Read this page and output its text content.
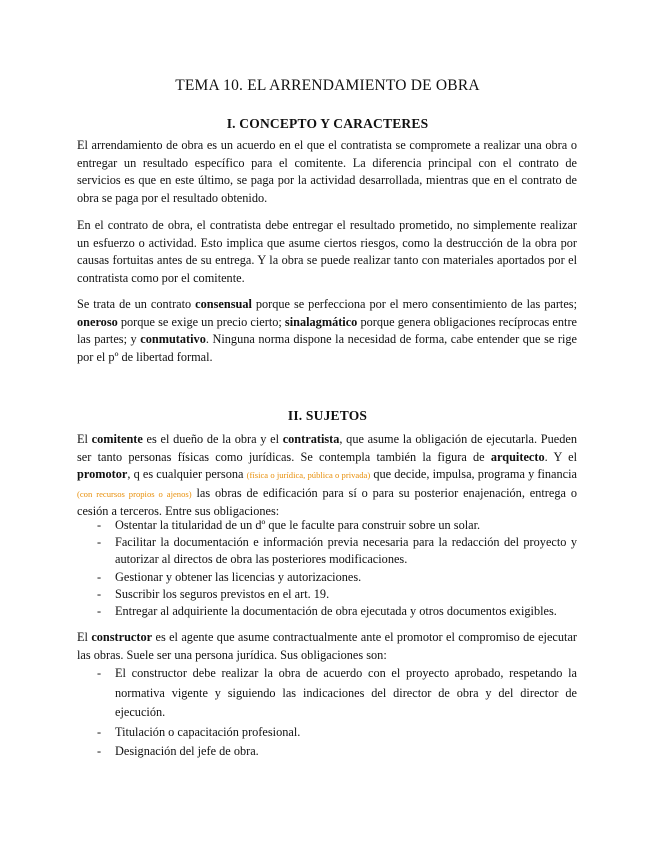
TEMA 10. EL ARRENDAMIENTO DE OBRA
I. CONCEPTO Y CARACTERES

El arrendamiento de obra es un acuerdo en el que el contratista se compromete a realizar una obra o entregar un resultado específico para el comitente. La diferencia principal con el contrato de servicios es que en este último, se paga por la actividad desarrollada, mientras que en el contrato de obra se paga por el resultado obtenido.

En el contrato de obra, el contratista debe entregar el resultado prometido, no simplemente realizar un esfuerzo o actividad. Esto implica que asume ciertos riesgos, como la destrucción de la obra por causas fortuitas antes de su entrega. Y la obra se puede realizar tanto con materiales aportados por el contratista como por el comitente.

Se trata de un contrato consensual porque se perfecciona por el mero consentimiento de las partes; oneroso porque se exige un precio cierto; sinalagmático porque genera obligaciones recíprocas entre las partes; y conmutativo. Ninguna norma dispone la necesidad de forma, cabe entender que se rige por el pº de libertad formal.

II. SUJETOS

El comitente es el dueño de la obra y el contratista, que asume la obligación de ejecutarla. Pueden ser tanto personas físicas como jurídicas. Se contempla también la figura de arquitecto. Y el promotor, q es cualquier persona (física o jurídica, pública o privada) que decide, impulsa, programa y financia (con recursos propios o ajenos) las obras de edificación para sí o para su posterior enajenación, entrega o cesión a terceros. Entre sus obligaciones:

- Ostentar la titularidad de un dº que le faculte para construir sobre un solar.
- Facilitar la documentación e información previa necesaria para la redacción del proyecto y autorizar al directos de obra las posteriores modificaciones.
- Gestionar y obtener las licencias y autorizaciones.
- Suscribir los seguros previstos en el art. 19.
- Entregar al adquiriente la documentación de obra ejecutada y otros documentos exigibles.

El constructor es el agente que asume contractualmente ante el promotor el compromiso de ejecutar las obras. Suele ser una persona jurídica. Sus obligaciones son:

- El constructor debe realizar la obra de acuerdo con el proyecto aprobado, respetando la normativa vigente y siguiendo las indicaciones del director de obra y del director de ejecución.
- Titulación o capacitación profesional.
- Designación del jefe de obra.
